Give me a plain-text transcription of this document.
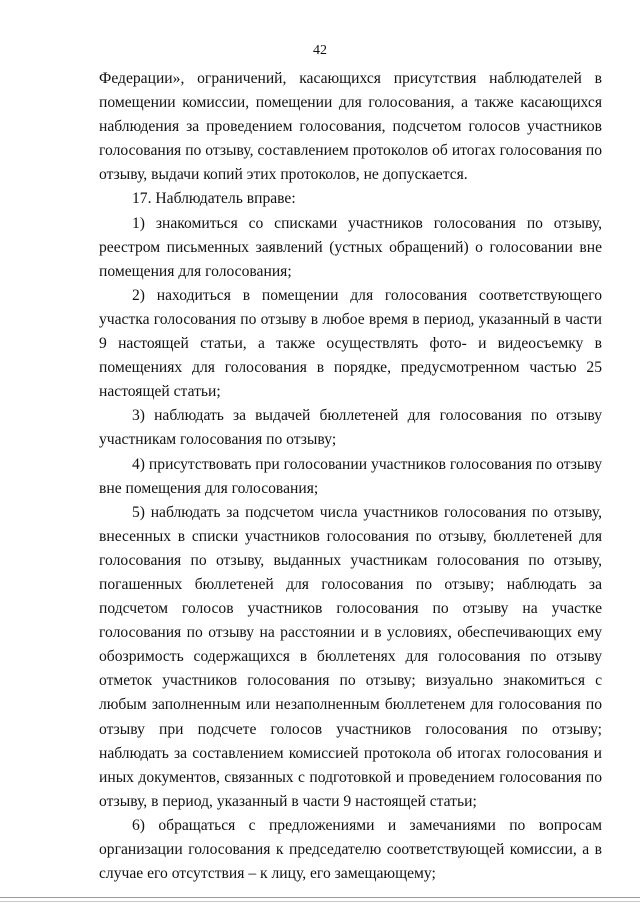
42

Федерации», ограничений, касающихся присутствия наблюдателей в помещении комиссии, помещении для голосования, а также касающихся наблюдения за проведением голосования, подсчетом голосов участников голосования по отзыву, составлением протоколов об итогах голосования по отзыву, выдачи копий этих протоколов, не допускается.

17. Наблюдатель вправе:

1) знакомиться со списками участников голосования по отзыву, реестром письменных заявлений (устных обращений) о голосовании вне помещения для голосования;

2) находиться в помещении для голосования соответствующего участка голосования по отзыву в любое время в период, указанный в части 9 настоящей статьи, а также осуществлять фото- и видеосъемку в помещениях для голосования в порядке, предусмотренном частью 25 настоящей статьи;

3) наблюдать за выдачей бюллетеней для голосования по отзыву участникам голосования по отзыву;

4) присутствовать при голосовании участников голосования по отзыву вне помещения для голосования;

5) наблюдать за подсчетом числа участников голосования по отзыву, внесенных в списки участников голосования по отзыву, бюллетеней для голосования по отзыву, выданных участникам голосования по отзыву, погашенных бюллетеней для голосования по отзыву; наблюдать за подсчетом голосов участников голосования по отзыву на участке голосования по отзыву на расстоянии и в условиях, обеспечивающих ему обозримость содержащихся в бюллетенях для голосования по отзыву отметок участников голосования по отзыву; визуально знакомиться с любым заполненным или незаполненным бюллетенем для голосования по отзыву при подсчете голосов участников голосования по отзыву; наблюдать за составлением комиссией протокола об итогах голосования и иных документов, связанных с подготовкой и проведением голосования по отзыву, в период, указанный в части 9 настоящей статьи;

6) обращаться с предложениями и замечаниями по вопросам организации голосования к председателю соответствующей комиссии, а в случае его отсутствия – к лицу, его замещающему;
